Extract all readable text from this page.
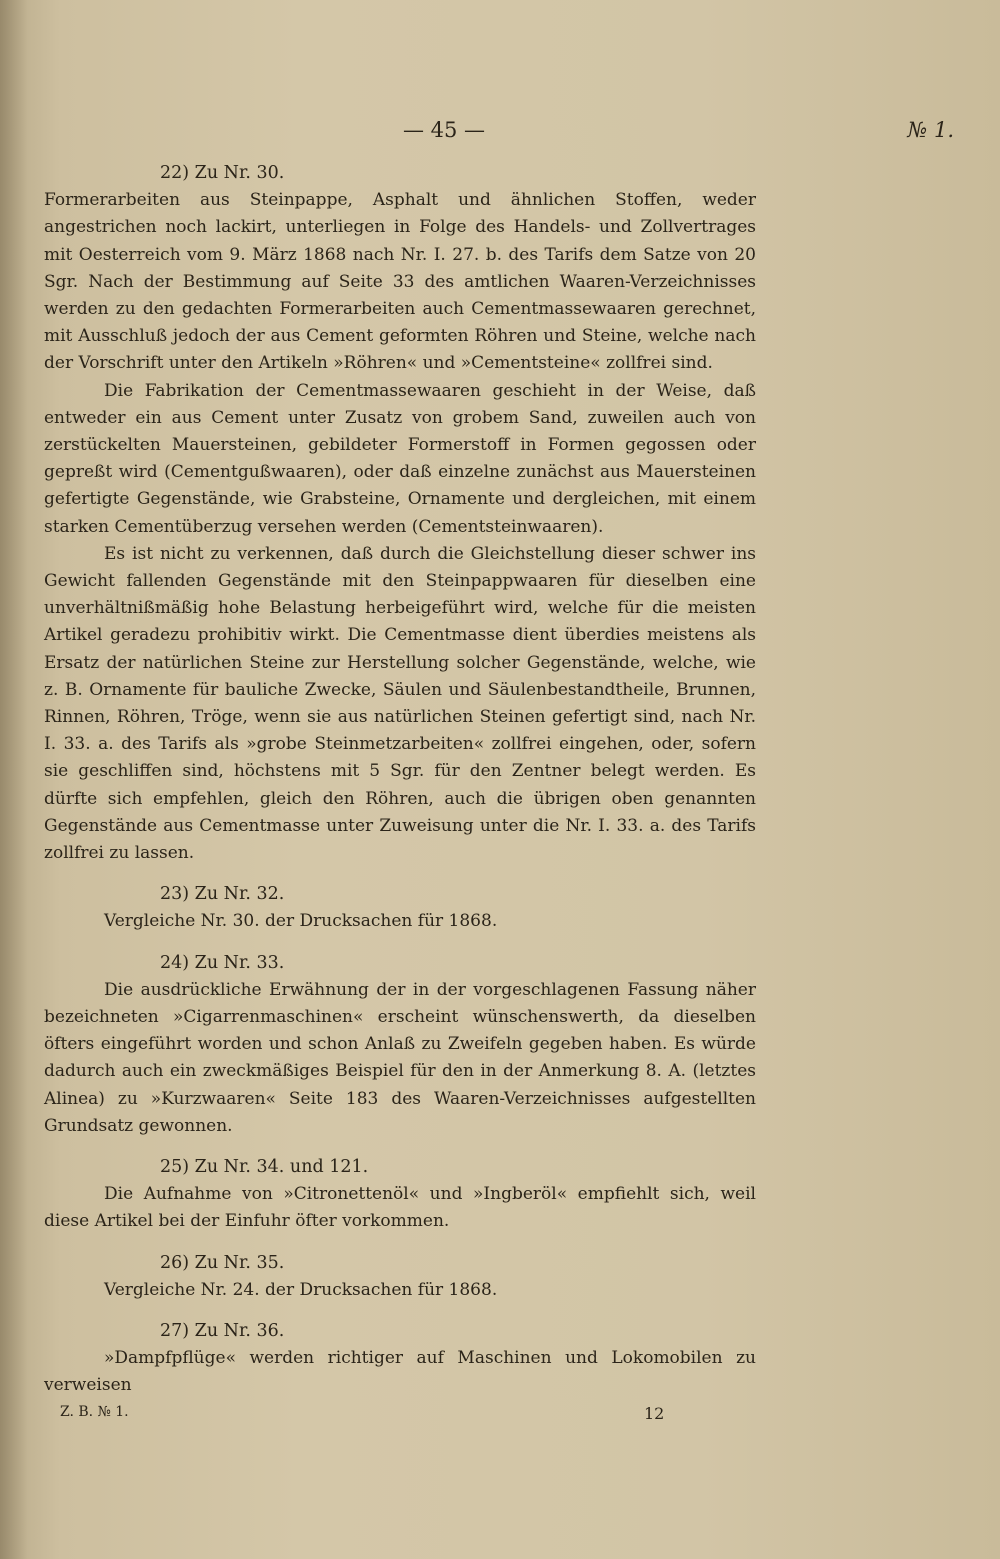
— 45 —	№ 1.
22) Zu Nr. 30.

Formerarbeiten aus Steinpappe, Asphalt und ähnlichen Stoffen, weder angestrichen noch lackirt, unterliegen in Folge des Handels- und Zollvertrages mit Oesterreich vom 9. März 1868 nach Nr. I. 27. b. des Tarifs dem Satze von 20 Sgr. Nach der Bestimmung auf Seite 33 des amtlichen Waaren-Verzeichnisses werden zu den gedachten Formerarbeiten auch Cementmassewaaren gerechnet, mit Ausschluß jedoch der aus Cement geformten Röhren und Steine, welche nach der Vorschrift unter den Artikeln »Röhren« und »Cementsteine« zollfrei sind.

Die Fabrikation der Cementmassewaaren geschieht in der Weise, daß entweder ein aus Cement unter Zusatz von grobem Sand, zuweilen auch von zerstückelten Mauersteinen, gebildeter Formerstoff in Formen gegossen oder gepreßt wird (Cementgußwaaren), oder daß einzelne zunächst aus Mauersteinen gefertigte Gegenstände, wie Grabsteine, Ornamente und dergleichen, mit einem starken Cementüberzug versehen werden (Cementsteinwaaren).

Es ist nicht zu verkennen, daß durch die Gleichstellung dieser schwer ins Gewicht fallenden Gegenstände mit den Steinpappwaaren für dieselben eine unverhältnißmäßig hohe Belastung herbeigeführt wird, welche für die meisten Artikel geradezu prohibitiv wirkt. Die Cementmasse dient überdies meistens als Ersatz der natürlichen Steine zur Herstellung solcher Gegenstände, welche, wie z. B. Ornamente für bauliche Zwecke, Säulen und Säulenbestandtheile, Brunnen, Rinnen, Röhren, Tröge, wenn sie aus natürlichen Steinen gefertigt sind, nach Nr. I. 33. a. des Tarifs als »grobe Steinmetzarbeiten« zollfrei eingehen, oder, sofern sie geschliffen sind, höchstens mit 5 Sgr. für den Zentner belegt werden. Es dürfte sich empfehlen, gleich den Röhren, auch die übrigen oben genannten Gegenstände aus Cementmasse unter Zuweisung unter die Nr. I. 33. a. des Tarifs zollfrei zu lassen.

23) Zu Nr. 32.

Vergleiche Nr. 30. der Drucksachen für 1868.

24) Zu Nr. 33.

Die ausdrückliche Erwähnung der in der vorgeschlagenen Fassung näher bezeichneten »Cigarrenmaschinen« erscheint wünschenswerth, da dieselben öfters eingeführt worden und schon Anlaß zu Zweifeln gegeben haben. Es würde dadurch auch ein zweckmäßiges Beispiel für den in der Anmerkung 8. A. (letztes Alinea) zu »Kurzwaaren« Seite 183 des Waaren-Verzeichnisses aufgestellten Grundsatz gewonnen.

25) Zu Nr. 34. und 121.

Die Aufnahme von »Citronettenöl« und »Ingberöl« empfiehlt sich, weil diese Artikel bei der Einfuhr öfter vorkommen.

26) Zu Nr. 35.

Vergleiche Nr. 24. der Drucksachen für 1868.

27) Zu Nr. 36.

»Dampfpflüge« werden richtiger auf Maschinen und Lokomobilen zu verweisen

Z. B. № 1.	12
